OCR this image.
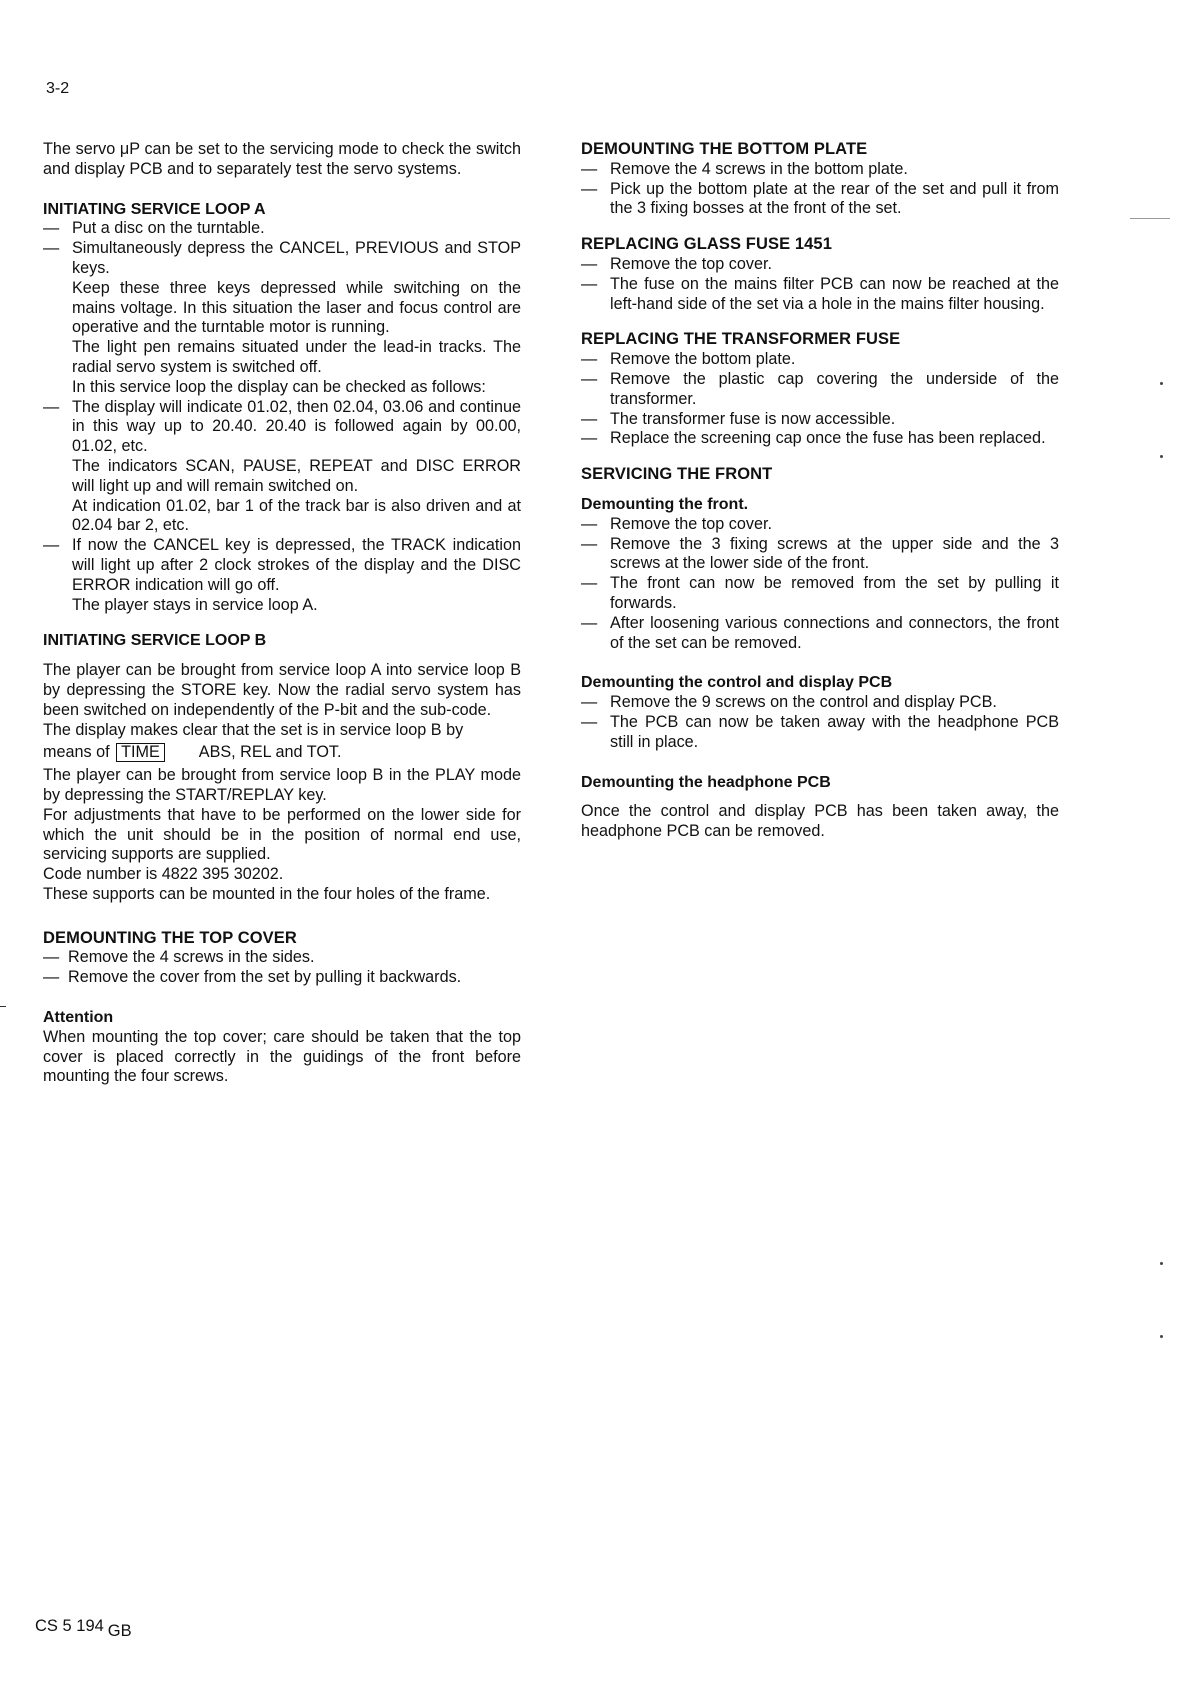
3-2

The servo μP can be set to the servicing mode to check the switch and display PCB and to separately test the servo systems.

INITIATING SERVICE LOOP A
— Put a disc on the turntable.
— Simultaneously depress the CANCEL, PREVIOUS and STOP keys.
Keep these three keys depressed while switching on the mains voltage. In this situation the laser and focus control are operative and the turntable motor is running.
The light pen remains situated under the lead-in tracks. The radial servo system is switched off.
In this service loop the display can be checked as follows:
— The display will indicate 01.02, then 02.04, 03.06 and continue in this way up to 20.40. 20.40 is followed again by 00.00, 01.02, etc.
The indicators SCAN, PAUSE, REPEAT and DISC ERROR will light up and will remain switched on.
At indication 01.02, bar 1 of the track bar is also driven and at 02.04 bar 2, etc.
— If now the CANCEL key is depressed, the TRACK indication will light up after 2 clock strokes of the display and the DISC ERROR indication will go off.
The player stays in service loop A.
INITIATING SERVICE LOOP B

The player can be brought from service loop A into service loop B by depressing the STORE key. Now the radial servo system has been switched on independently of the P-bit and the sub-code.

The display makes clear that the set is in service loop B by

means of TIME ABS, REL and TOT.

The player can be brought from service loop B in the PLAY mode by depressing the START/REPLAY key.

For adjustments that have to be performed on the lower side for which the unit should be in the position of normal end use, servicing supports are supplied.

Code number is 4822 395 30202.

These supports can be mounted in the four holes of the frame.

DEMOUNTING THE TOP COVER
— Remove the 4 screws in the sides.
— Remove the cover from the set by pulling it backwards.
Attention

When mounting the top cover; care should be taken that the top cover is placed correctly in the guidings of the front before mounting the four screws.

DEMOUNTING THE BOTTOM PLATE
— Remove the 4 screws in the bottom plate.
— Pick up the bottom plate at the rear of the set and pull it from the 3 fixing bosses at the front of the set.
REPLACING GLASS FUSE 1451
— Remove the top cover.
— The fuse on the mains filter PCB can now be reached at the left-hand side of the set via a hole in the mains filter housing.
REPLACING THE TRANSFORMER FUSE
— Remove the bottom plate.
— Remove the plastic cap covering the underside of the transformer.
— The transformer fuse is now accessible.
— Replace the screening cap once the fuse has been replaced.
SERVICING THE FRONT
Demounting the front.
— Remove the top cover.
— Remove the 3 fixing screws at the upper side and the 3 screws at the lower side of the front.
— The front can now be removed from the set by pulling it forwards.
— After loosening various connections and connectors, the front of the set can be removed.
Demounting the control and display PCB
— Remove the 9 screws on the control and display PCB.
— The PCB can now be taken away with the headphone PCB still in place.
Demounting the headphone PCB

Once the control and display PCB has been taken away, the headphone PCB can be removed.

CS 5 194 GB
